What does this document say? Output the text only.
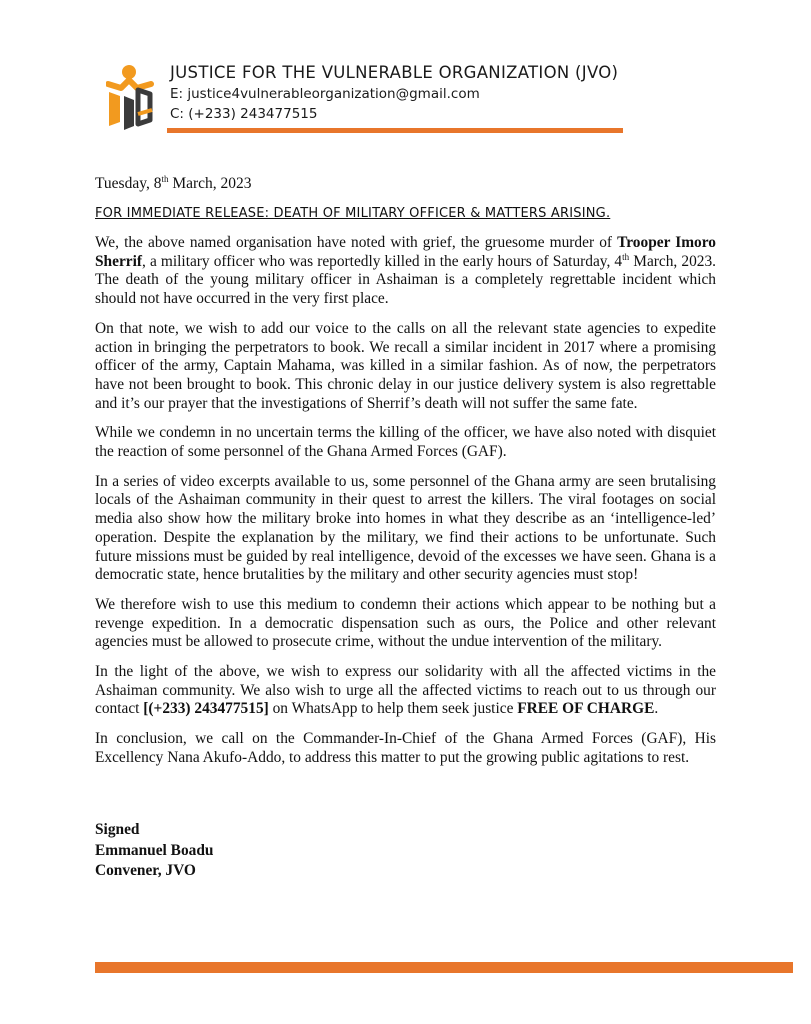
JUSTICE FOR THE VULNERABLE ORGANIZATION (JVO)
E: justice4vulnerableorganization@gmail.com
C: (+233) 243477515
Tuesday, 8th March, 2023
FOR IMMEDIATE RELEASE: DEATH OF MILITARY OFFICER & MATTERS ARISING.

We, the above named organisation have noted with grief, the gruesome murder of Trooper Imoro Sherrif, a military officer who was reportedly killed in the early hours of Saturday, 4th March, 2023. The death of the young military officer in Ashaiman is a completely regrettable incident which should not have occurred in the very first place.

On that note, we wish to add our voice to the calls on all the relevant state agencies to expedite action in bringing the perpetrators to book. We recall a similar incident in 2017 where a promising officer of the army, Captain Mahama, was killed in a similar fashion. As of now, the perpetrators have not been brought to book. This chronic delay in our justice delivery system is also regrettable and it’s our prayer that the investigations of Sherrif’s death will not suffer the same fate.

While we condemn in no uncertain terms the killing of the officer, we have also noted with disquiet the reaction of some personnel of the Ghana Armed Forces (GAF).

In a series of video excerpts available to us, some personnel of the Ghana army are seen brutalising locals of the Ashaiman community in their quest to arrest the killers. The viral footages on social media also show how the military broke into homes in what they describe as an ‘intelligence-led’ operation. Despite the explanation by the military, we find their actions to be unfortunate. Such future missions must be guided by real intelligence, devoid of the excesses we have seen. Ghana is a democratic state, hence brutalities by the military and other security agencies must stop!

We therefore wish to use this medium to condemn their actions which appear to be nothing but a revenge expedition. In a democratic dispensation such as ours, the Police and other relevant agencies must be allowed to prosecute crime, without the undue intervention of the military.

In the light of the above, we wish to express our solidarity with all the affected victims in the Ashaiman community. We also wish to urge all the affected victims to reach out to us through our contact [(+233) 243477515] on WhatsApp to help them seek justice FREE OF CHARGE.

In conclusion, we call on the Commander-In-Chief of the Ghana Armed Forces (GAF), His Excellency Nana Akufo-Addo, to address this matter to put the growing public agitations to rest.

Signed
Emmanuel Boadu
Convener, JVO
